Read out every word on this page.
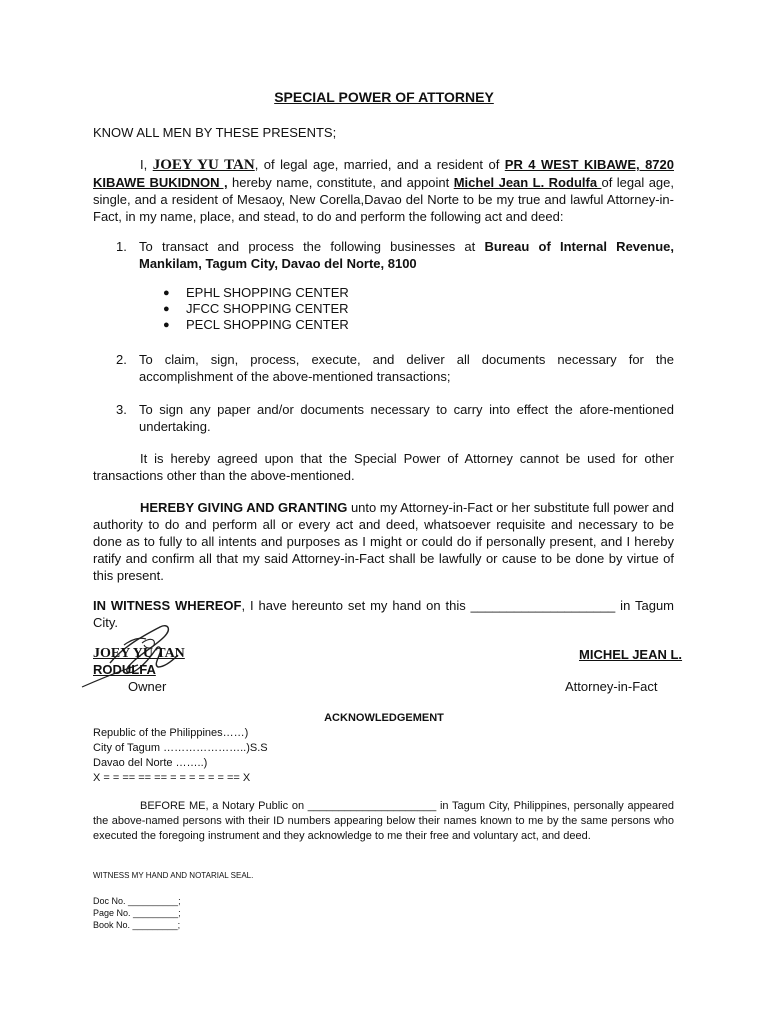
SPECIAL POWER OF ATTORNEY
KNOW ALL MEN BY THESE PRESENTS;
I, JOEY YU TAN, of legal age, married, and a resident of PR 4 WEST KIBAWE, 8720 KIBAWE BUKIDNON , hereby name, constitute, and appoint Michel Jean L. Rodulfa of legal age, single, and a resident of Mesaoy, New Corella,Davao del Norte to be my true and lawful Attorney-in-Fact, in my name, place, and stead, to do and perform the following act and deed:
1. To transact and process the following businesses at Bureau of Internal Revenue, Mankilam, Tagum City, Davao del Norte, 8100
● EPHL SHOPPING CENTER
● JFCC SHOPPING CENTER
● PECL SHOPPING CENTER
2. To claim, sign, process, execute, and deliver all documents necessary for the accomplishment of the above-mentioned transactions;
3. To sign any paper and/or documents necessary to carry into effect the afore-mentioned undertaking.
It is hereby agreed upon that the Special Power of Attorney cannot be used for other transactions other than the above-mentioned.
HEREBY GIVING AND GRANTING unto my Attorney-in-Fact or her substitute full power and authority to do and perform all or every act and deed, whatsoever requisite and necessary to be done as to fully to all intents and purposes as I might or could do if personally present, and I hereby ratify and confirm all that my said Attorney-in-Fact shall be lawfully or cause to be done by virtue of this present.
IN WITNESS WHEREOF, I have hereunto set my hand on this ____________________ in Tagum City.
JOEY YU TAN
RODULFA
MICHEL JEAN L.
Owner	Attorney-in-Fact
ACKNOWLEDGEMENT
Republic of the Philippines……)
City of Tagum …………………..)S.S
Davao del Norte ……..)
X = = == == == = = = = = = == X
BEFORE ME, a Notary Public on _____________________ in Tagum City, Philippines, personally appeared the above-named persons with their ID numbers appearing below their names known to me by the same persons who executed the foregoing instrument and they acknowledge to me their free and voluntary act, and deed.
WITNESS MY HAND AND NOTARIAL SEAL.
Doc No. __________;
Page No. _________;
Book No. _________;
